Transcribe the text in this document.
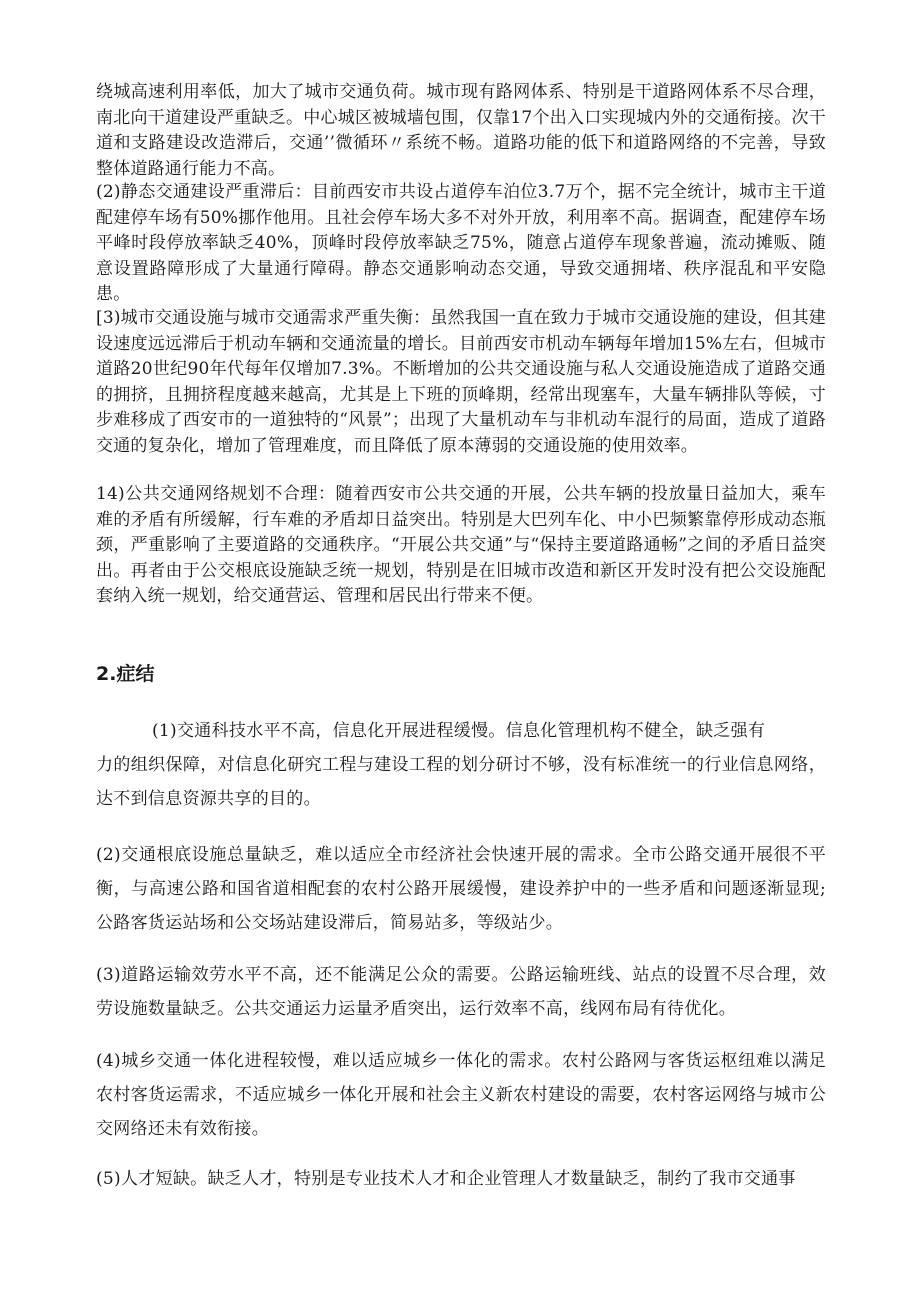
绕城高速利用率低，加大了城市交通负荷。城市现有路网体系、特别是干道路网体系不尽合理，南北向干道建设严重缺乏。中心城区被城墙包围，仅靠17个出入口实现城内外的交通衔接。次干道和支路建设改造滞后，交通’’微循环〃系统不畅。道路功能的低下和道路网络的不完善，导致整体道路通行能力不高。

(2)静态交通建设严重滞后：目前西安市共设占道停车泊位3.7万个，据不完全统计，城市主干道配建停车场有50%挪作他用。且社会停车场大多不对外开放，利用率不高。据调查，配建停车场平峰时段停放率缺乏40%，顶峰时段停放率缺乏75%，随意占道停车现象普遍，流动摊贩、随意设置路障形成了大量通行障碍。静态交通影响动态交通，导致交通拥堵、秩序混乱和平安隐患。

[3)城市交通设施与城市交通需求严重失衡：虽然我国一直在致力于城市交通设施的建设，但其建设速度远远滞后于机动车辆和交通流量的增长。目前西安市机动车辆每年增加15%左右，但城市道路20世纪90年代每年仅增加7.3%。不断增加的公共交通设施与私人交通设施造成了道路交通的拥挤，且拥挤程度越来越高，尤其是上下班的顶峰期，经常出现塞车，大量车辆排队等候，寸步难移成了西安市的一道独特的“风景”；出现了大量机动车与非机动车混行的局面，造成了道路交通的复杂化，增加了管理难度，而且降低了原本薄弱的交通设施的使用效率。

14)公共交通网络规划不合理：随着西安市公共交通的开展，公共车辆的投放量日益加大，乘车难的矛盾有所缓解，行车难的矛盾却日益突出。特别是大巴列车化、中小巴频繁靠停形成动态瓶颈，严重影响了主要道路的交通秩序。“开展公共交通”与“保持主要道路通畅”之间的矛盾日益突出。再者由于公交根底设施缺乏统一规划，特别是在旧城市改造和新区开发时没有把公交设施配套纳入统一规划，给交通营运、管理和居民出行带来不便。

2.症结
(1)交通科技水平不高，信息化开展进程缓慢。信息化管理机构不健全，缺乏强有
力的组织保障，对信息化研究工程与建设工程的划分研讨不够，没有标准统一的行业信息网络，达不到信息资源共享的目的。

(2)交通根底设施总量缺乏，难以适应全市经济社会快速开展的需求。全市公路交通开展很不平衡，与高速公路和国省道相配套的农村公路开展缓慢，建设养护中的一些矛盾和问题逐渐显现;公路客货运站场和公交场站建设滞后，简易站多，等级站少。

(3)道路运输效劳水平不高，还不能满足公众的需要。公路运输班线、站点的设置不尽合理，效劳设施数量缺乏。公共交通运力运量矛盾突出，运行效率不高，线网布局有待优化。

(4)城乡交通一体化进程较慢，难以适应城乡一体化的需求。农村公路网与客货运枢纽难以满足农村客货运需求，不适应城乡一体化开展和社会主义新农村建设的需要，农村客运网络与城市公交网络还未有效衔接。

(5)人才短缺。缺乏人才，特别是专业技术人才和企业管理人才数量缺乏，制约了我市交通事
